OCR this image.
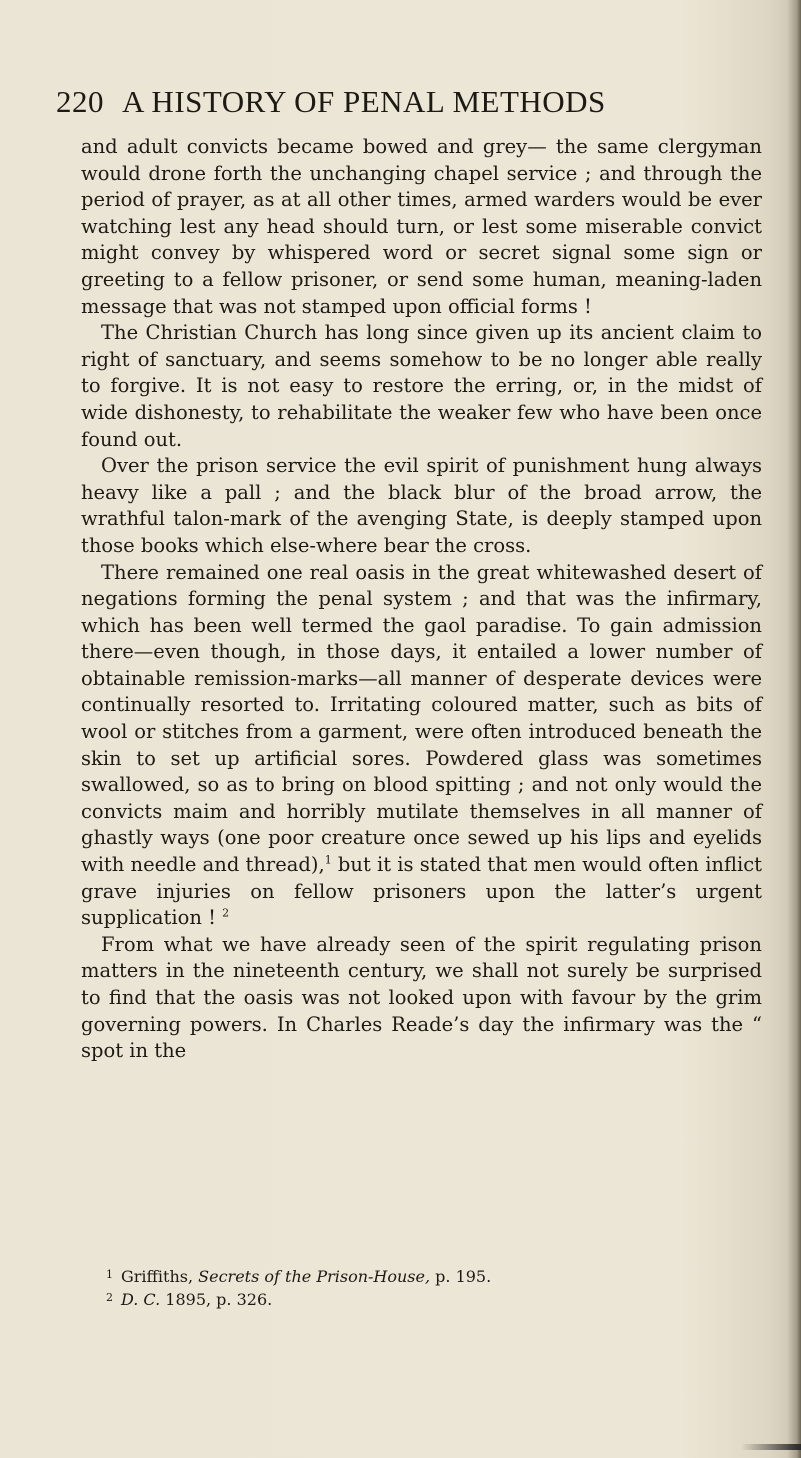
220 A HISTORY OF PENAL METHODS

and adult convicts became bowed and grey— the same clergyman would drone forth the unchanging chapel service ; and through the period of prayer, as at all other times, armed warders would be ever watching lest any head should turn, or lest some miserable convict might convey by whispered word or secret signal some sign or greeting to a fellow prisoner, or send some human, meaning-laden message that was not stamped upon official forms !

The Christian Church has long since given up its ancient claim to right of sanctuary, and seems somehow to be no longer able really to forgive. It is not easy to restore the erring, or, in the midst of wide dishonesty, to rehabilitate the weaker few who have been once found out.

Over the prison service the evil spirit of punishment hung always heavy like a pall ; and the black blur of the broad arrow, the wrathful talon-mark of the avenging State, is deeply stamped upon those books which else-where bear the cross.

There remained one real oasis in the great whitewashed desert of negations forming the penal system ; and that was the infirmary, which has been well termed the gaol paradise. To gain admission there—even though, in those days, it entailed a lower number of obtainable remission-marks—all manner of desperate devices were continually resorted to. Irritating coloured matter, such as bits of wool or stitches from a garment, were often introduced beneath the skin to set up artificial sores. Powdered glass was sometimes swallowed, so as to bring on blood spitting ; and not only would the convicts maim and horribly mutilate themselves in all manner of ghastly ways (one poor creature once sewed up his lips and eyelids with needle and thread),$^1$ but it is stated that men would often inflict grave injuries on fellow prisoners upon the latter’s urgent supplication ! $^2$

From what we have already seen of the spirit regulating prison matters in the nineteenth century, we shall not surely be surprised to find that the oasis was not looked upon with favour by the grim governing powers. In Charles Reade’s day the infirmary was the “ spot in the

$^1$ Griffiths, Secrets of the Prison-House, p. 195.
$^2$ D. C. 1895, p. 326.
